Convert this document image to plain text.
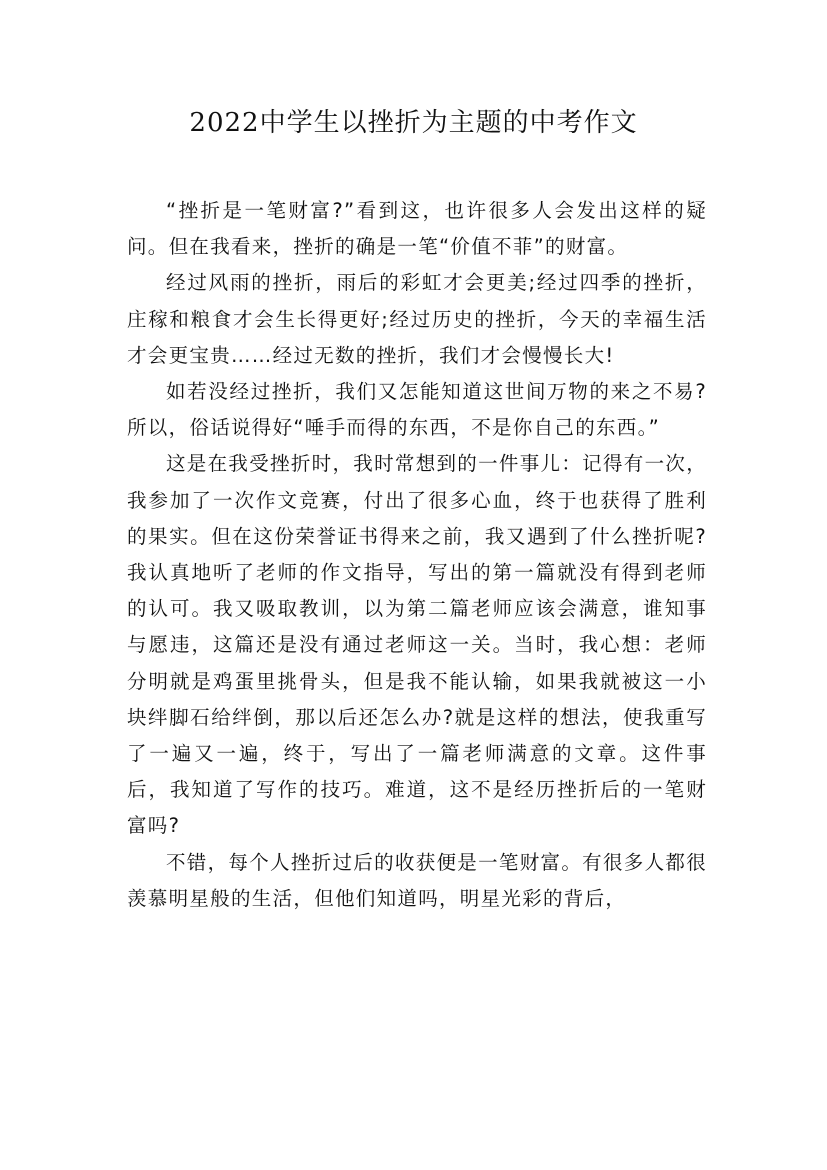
2022中学生以挫折为主题的中考作文

“挫折是一笔财富?”看到这，也许很多人会发出这样的疑问。但在我看来，挫折的确是一笔“价值不菲”的财富。

经过风雨的挫折，雨后的彩虹才会更美;经过四季的挫折，庄稼和粮食才会生长得更好;经过历史的挫折，今天的幸福生活才会更宝贵……经过无数的挫折，我们才会慢慢长大!

如若没经过挫折，我们又怎能知道这世间万物的来之不易?所以，俗话说得好“唾手而得的东西，不是你自己的东西。”

这是在我受挫折时，我时常想到的一件事儿：记得有一次，我参加了一次作文竞赛，付出了很多心血，终于也获得了胜利的果实。但在这份荣誉证书得来之前，我又遇到了什么挫折呢?我认真地听了老师的作文指导，写出的第一篇就没有得到老师的认可。我又吸取教训，以为第二篇老师应该会满意，谁知事与愿违，这篇还是没有通过老师这一关。当时，我心想：老师分明就是鸡蛋里挑骨头，但是我不能认输，如果我就被这一小块绊脚石给绊倒，那以后还怎么办?就是这样的想法，使我重写了一遍又一遍，终于，写出了一篇老师满意的文章。这件事后，我知道了写作的技巧。难道，这不是经历挫折后的一笔财富吗?

不错，每个人挫折过后的收获便是一笔财富。有很多人都很羡慕明星般的生活，但他们知道吗，明星光彩的背后，
